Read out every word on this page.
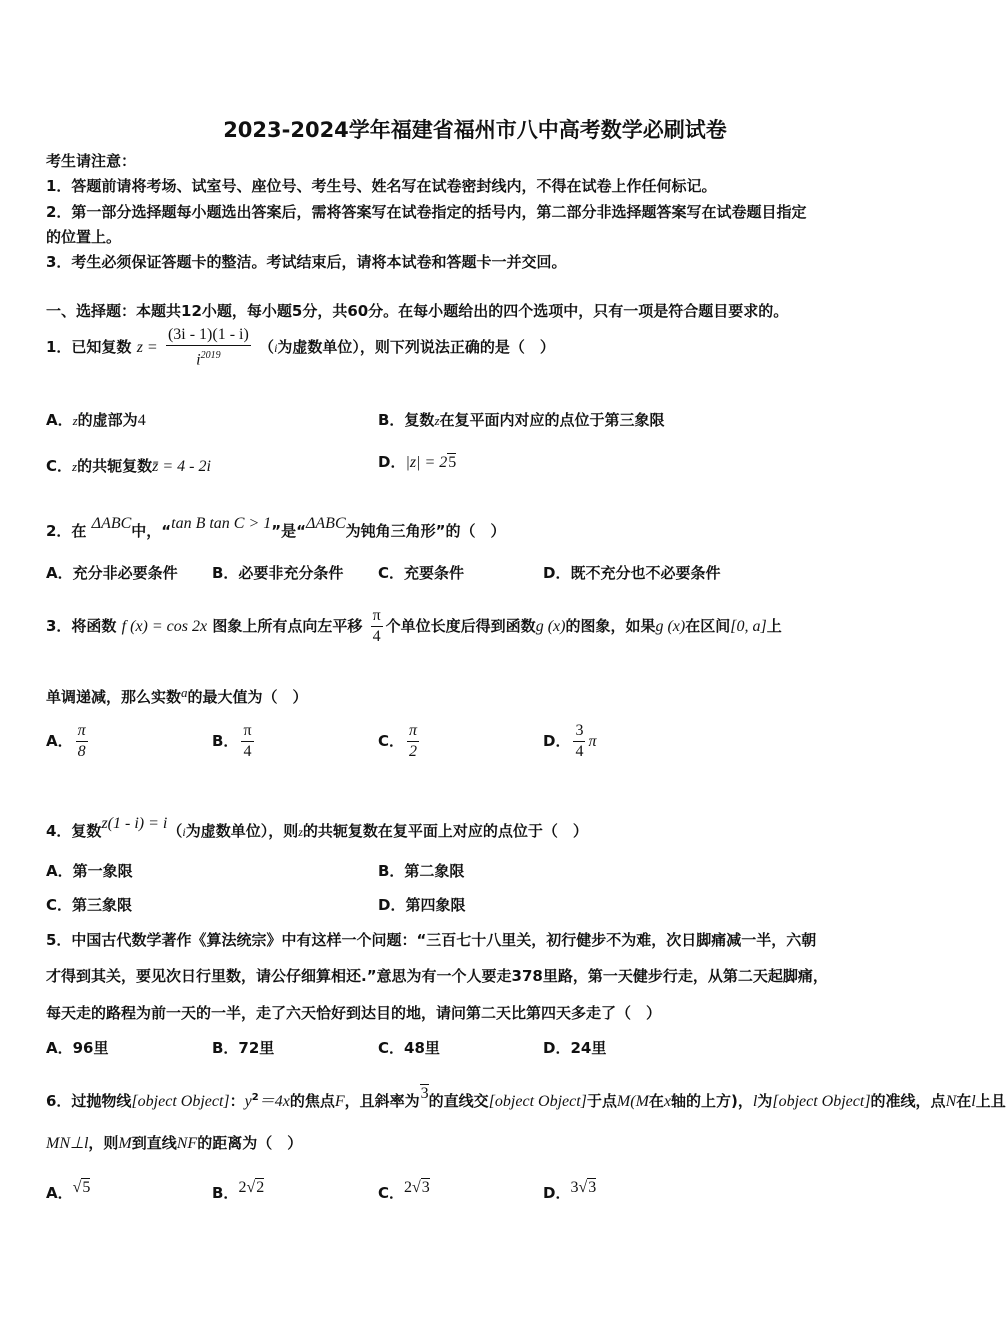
2023-2024学年福建省福州市八中高考数学必刷试卷
考生请注意：
1．答题前请将考场、试室号、座位号、考生号、姓名写在试卷密封线内，不得在试卷上作任何标记。
2．第一部分选择题每小题选出答案后，需将答案写在试卷指定的括号内，第二部分非选择题答案写在试卷题目指定
的位置上。
3．考生必须保证答题卡的整洁。考试结束后，请将本试卷和答题卡一并交回。
一、选择题：本题共12小题，每小题5分，共60分。在每小题给出的四个选项中，只有一项是符合题目要求的。
1．已知复数 $z = \frac{(3i - 1)(1 - i)}{i^{2019}} (i$为虚数单位），则下列说法正确的是（　）
A．z的虚部为4	B．复数z在复平面内对应的点位于第三象限
C．z的共轭复数z̄ = 4 - 2i	D．|z| = 25
2．在 ΔABC中，“tan B tan C > 1”是“ΔABC为钝角三角形”的（　）
A．充分非必要条件 B．必要非充分条件 C．充要条件	D．既不充分也不必要条件
3．将函数 f (x) = cos 2x 图象上所有点向左平移 $\frac{\pi}{4}$ 个单位长度后得到函数g (x)的图象，如果g (x)在区间[0, a]上
单调递减，那么实数a的最大值为（　）
A． $\frac{\pi}{8}$	B． $\frac{\pi}{4}$	C． $\frac{\pi}{2}$	D． $\frac{3}{4}$ π
4．复数z(1 - i) = i（i为虚数单位），则z的共轭复数在复平面上对应的点位于（　）
A．第一象限	B．第二象限
C．第三象限	D．第四象限
5．中国古代数学著作《算法统宗》中有这样一个问题：“三百七十八里关，初行健步不为难，次日脚痛减一半，六朝
才得到其关，要见次日行里数，请公仔细算相还.”意思为有一个人要走378里路，第一天健步行走，从第二天起脚痛，
每天走的路程为前一天的一半，走了六天恰好到达目的地，请问第二天比第四天多走了（　）
A．96里	B．72里	C．48里	D．24里
6．过抛物线[object Object]：$y^2=4x$的焦点F，且斜率为3的直线交[object Object]于点M(M在x轴的上方)，l为[object Object]的准线，点N在l上且
MN⊥l，则M到直线NF的距离为（　）
A．√5	B．2√2	C．2√3	D．3√3
